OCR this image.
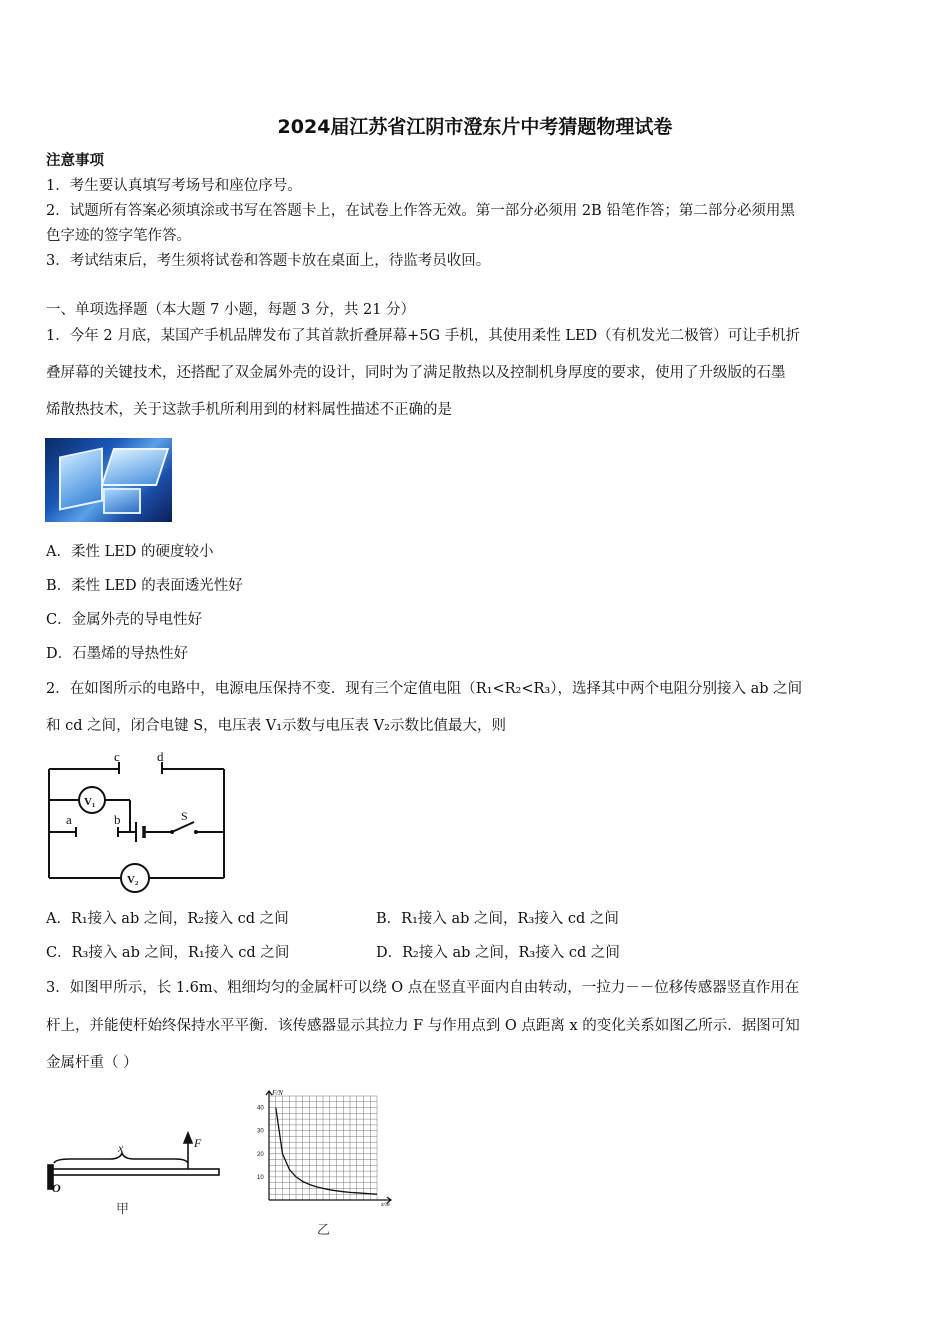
2024届江苏省江阴市澄东片中考猜题物理试卷
注意事项
1．考生要认真填写考场号和座位序号。
2．试题所有答案必须填涂或书写在答题卡上，在试卷上作答无效。第一部分必须用 2B 铅笔作答；第二部分必须用黑
色字迹的签字笔作答。
3．考试结束后，考生须将试卷和答题卡放在桌面上，待监考员收回。
一、单项选择题（本大题 7 小题，每题 3 分，共 21 分）
1．今年 2 月底，某国产手机品牌发布了其首款折叠屏幕+5G 手机，其使用柔性 LED（有机发光二极管）可让手机折
叠屏幕的关键技术，还搭配了双金属外壳的设计，同时为了满足散热以及控制机身厚度的要求，使用了升级版的石墨
烯散热技术，关于这款手机所利用到的材料属性描述不正确的是
A．柔性 LED 的硬度较小
B．柔性 LED 的表面透光性好
C．金属外壳的导电性好
D．石墨烯的导热性好
2．在如图所示的电路中，电源电压保持不变．现有三个定值电阻（R₁<R₂<R₃），选择其中两个电阻分别接入 ab 之间
和 cd 之间，闭合电键 S，电压表 V₁示数与电压表 V₂示数比值最大，则
c	d
a	b	S
V₁
V₂
A．R₁接入 ab 之间，R₂接入 cd 之间	B．R₁接入 ab 之间，R₃接入 cd 之间
C．R₃接入 ab 之间，R₁接入 cd 之间	D．R₂接入 ab 之间，R₃接入 cd 之间
3．如图甲所示，长 1.6m、粗细均匀的金属杆可以绕 O 点在竖直平面内自由转动，一拉力－－位移传感器竖直作用在
杆上，并能使杆始终保持水平平衡．该传感器显示其拉力 F 与作用点到 O 点距离 x 的变化关系如图乙所示．据图可知
金属杆重（ ）
O
x	F
甲
40
30
20
10
F/N
x/m
乙
